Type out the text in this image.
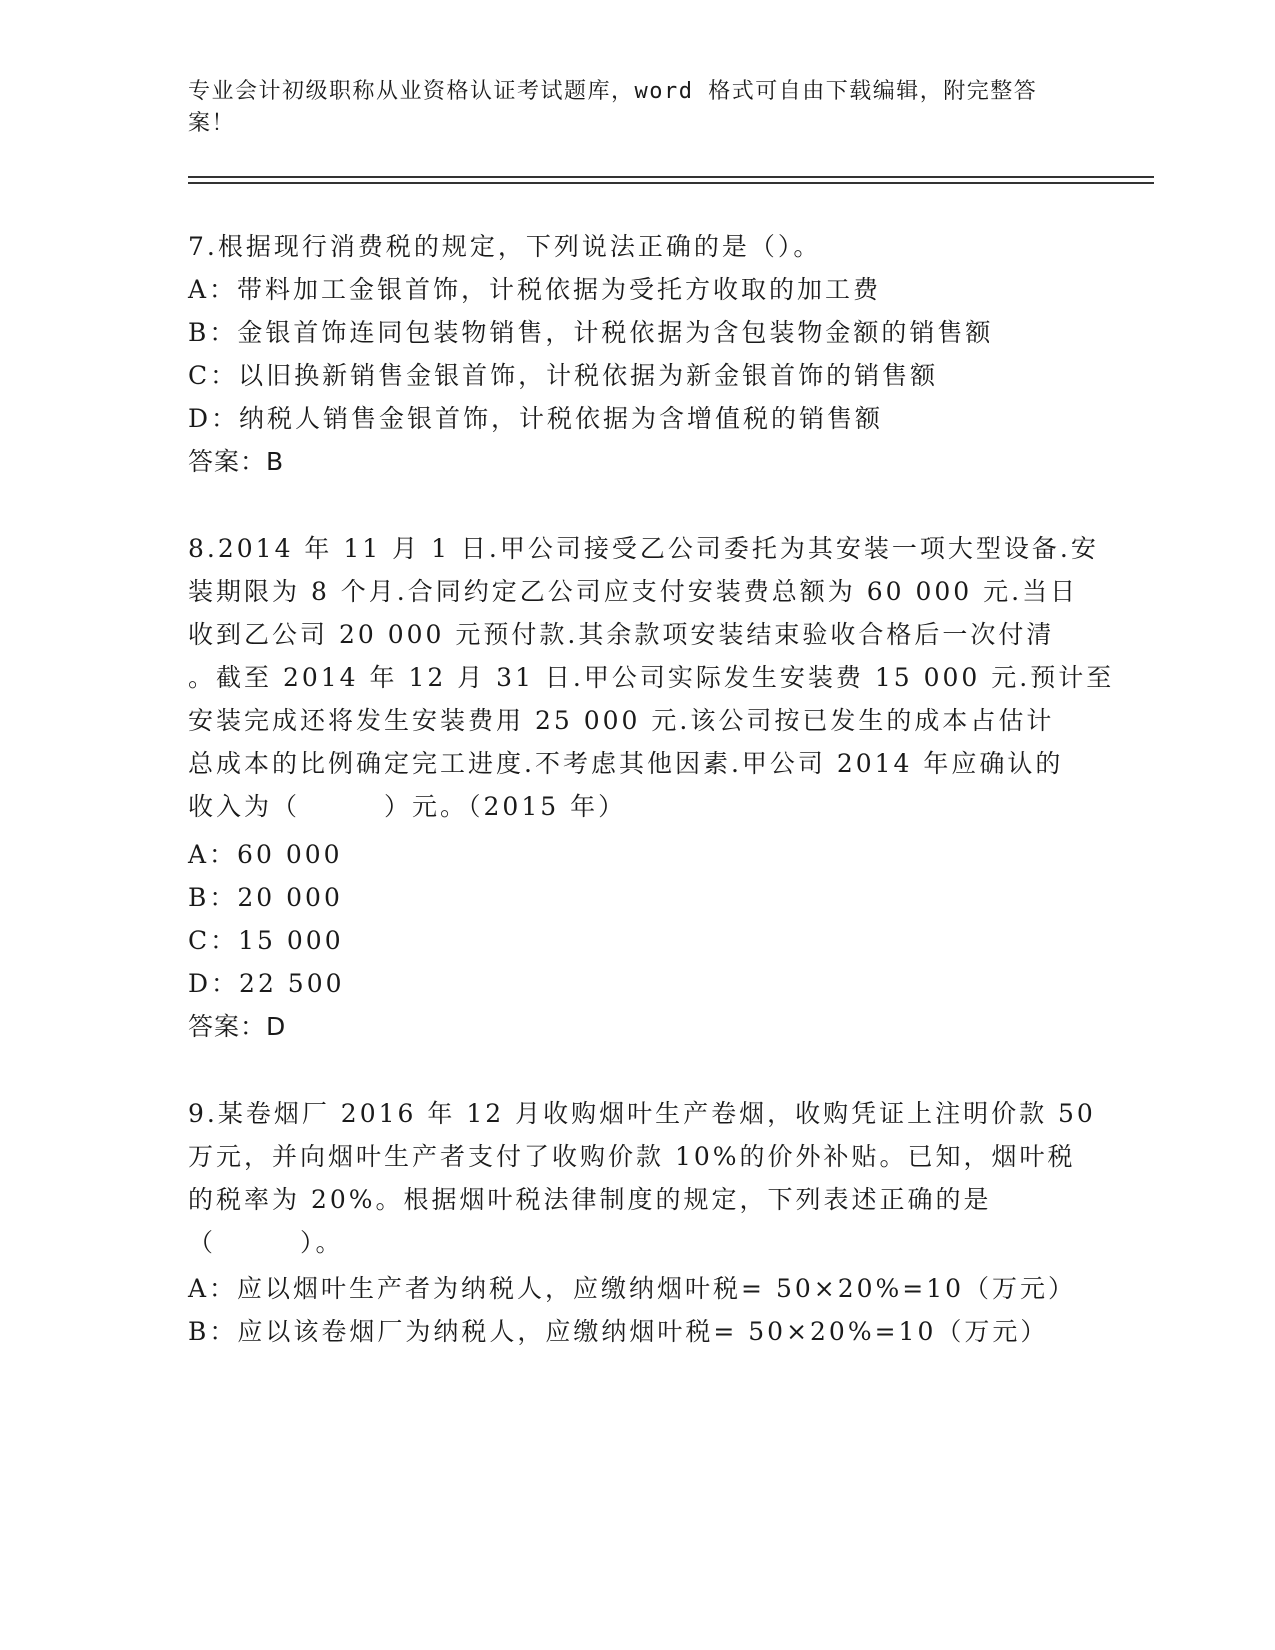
专业会计初级职称从业资格认证考试题库，word 格式可自由下载编辑，附完整答
案！
7.根据现行消费税的规定，下列说法正确的是（）。
A：带料加工金银首饰，计税依据为受托方收取的加工费
B：金银首饰连同包装物销售，计税依据为含包装物金额的销售额
C：以旧换新销售金银首饰，计税依据为新金银首饰的销售额
D：纳税人销售金银首饰，计税依据为含增值税的销售额
答案：B
8.2014 年 11 月 1 日.甲公司接受乙公司委托为其安装一项大型设备.安
装期限为 8 个月.合同约定乙公司应支付安装费总额为 60 000 元.当日
收到乙公司 20 000 元预付款.其余款项安装结束验收合格后一次付清
。截至 2014 年 12 月 31 日.甲公司实际发生安装费 15 000 元.预计至
安装完成还将发生安装费用 25 000 元.该公司按已发生的成本占估计
总成本的比例确定完工进度.不考虑其他因素.甲公司 2014 年应确认的
收入为（　　　）元。（2015 年）
A：60 000
B：20 000
C：15 000
D：22 500
答案：D
9.某卷烟厂 2016 年 12 月收购烟叶生产卷烟，收购凭证上注明价款 50
万元，并向烟叶生产者支付了收购价款 10%的价外补贴。已知，烟叶税
的税率为 20%。根据烟叶税法律制度的规定，下列表述正确的是
（　　　）。
A：应以烟叶生产者为纳税人，应缴纳烟叶税= 50×20%=10（万元）
B：应以该卷烟厂为纳税人，应缴纳烟叶税= 50×20%=10（万元）
